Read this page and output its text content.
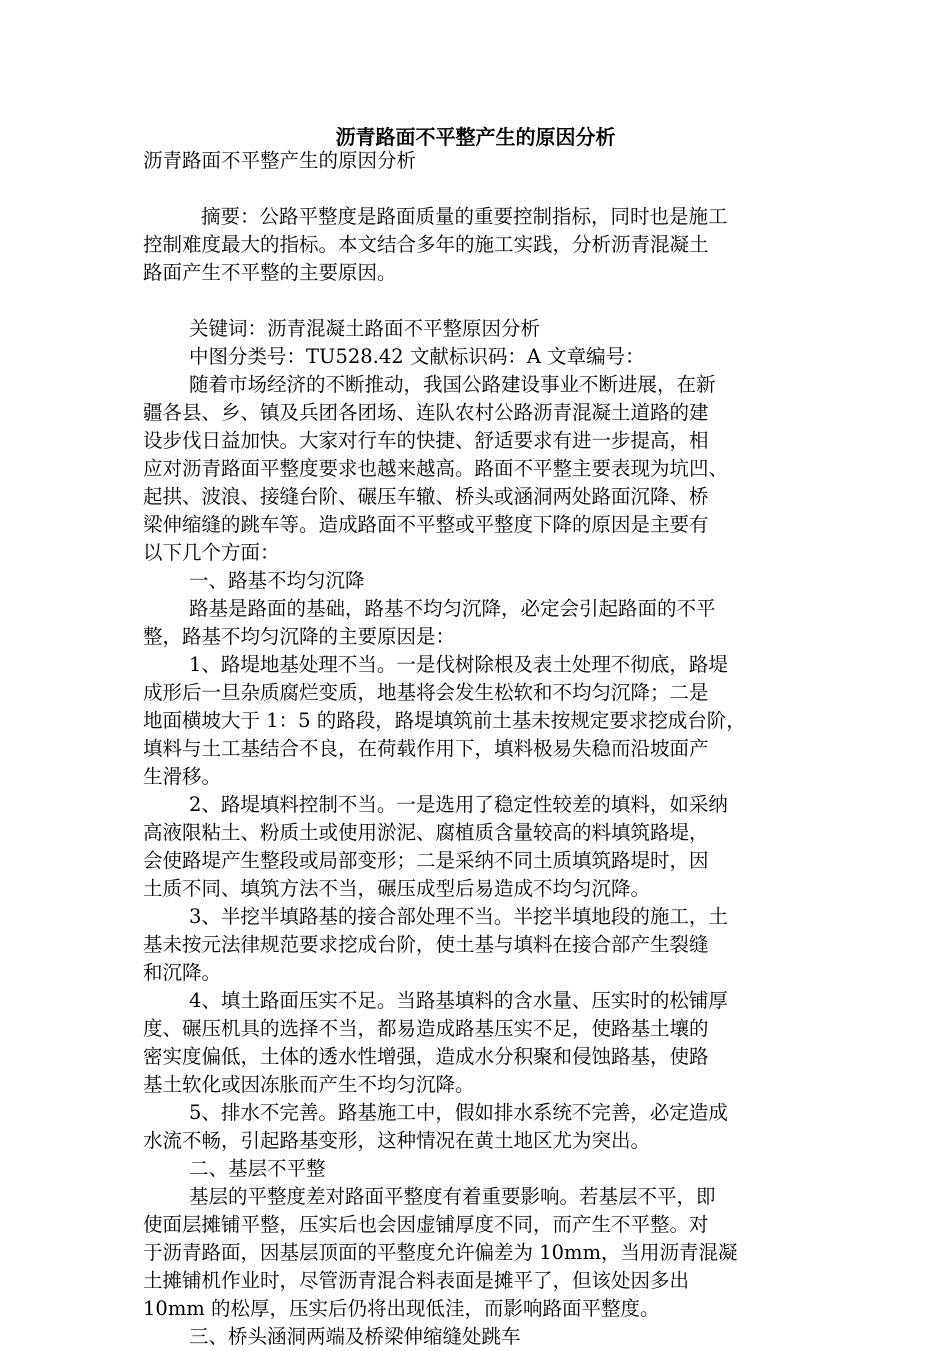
沥青路面不平整产生的原因分析
沥青路面不平整产生的原因分析
摘要：公路平整度是路面质量的重要控制指标，同时也是施工
控制难度最大的指标。本文结合多年的施工实践，分析沥青混凝土
路面产生不平整的主要原因。
关键词：沥青混凝土路面不平整原因分析
中图分类号：TU528.42 文献标识码：A 文章编号：
随着市场经济的不断推动，我国公路建设事业不断进展，在新
疆各县、乡、镇及兵团各团场、连队农村公路沥青混凝土道路的建
设步伐日益加快。大家对行车的快捷、舒适要求有进一步提高，相
应对沥青路面平整度要求也越来越高。路面不平整主要表现为坑凹、
起拱、波浪、接缝台阶、碾压车辙、桥头或涵洞两处路面沉降、桥
梁伸缩缝的跳车等。造成路面不平整或平整度下降的原因是主要有
以下几个方面：
一、路基不均匀沉降
路基是路面的基础，路基不均匀沉降，必定会引起路面的不平
整，路基不均匀沉降的主要原因是：
1、路堤地基处理不当。一是伐树除根及表土处理不彻底，路堤
成形后一旦杂质腐烂变质，地基将会发生松软和不均匀沉降；二是
地面横坡大于 1：5 的路段，路堤填筑前土基未按规定要求挖成台阶，
填料与土工基结合不良，在荷载作用下，填料极易失稳而沿坡面产
生滑移。
2、路堤填料控制不当。一是选用了稳定性较差的填料，如采纳
高液限粘土、粉质土或使用淤泥、腐植质含量较高的料填筑路堤，
会使路堤产生整段或局部变形；二是采纳不同土质填筑路堤时，因
土质不同、填筑方法不当，碾压成型后易造成不均匀沉降。
3、半挖半填路基的接合部处理不当。半挖半填地段的施工，土
基未按元法律规范要求挖成台阶，使土基与填料在接合部产生裂缝
和沉降。
4、填土路面压实不足。当路基填料的含水量、压实时的松铺厚
度、碾压机具的选择不当，都易造成路基压实不足，使路基土壤的
密实度偏低，土体的透水性增强，造成水分积聚和侵蚀路基，使路
基土软化或因冻胀而产生不均匀沉降。
5、排水不完善。路基施工中，假如排水系统不完善，必定造成
水流不畅，引起路基变形，这种情况在黄土地区尤为突出。
二、基层不平整
基层的平整度差对路面平整度有着重要影响。若基层不平，即
使面层摊铺平整，压实后也会因虚铺厚度不同，而产生不平整。对
于沥青路面，因基层顶面的平整度允许偏差为 10mm，当用沥青混凝
土摊铺机作业时，尽管沥青混合料表面是摊平了，但该处因多出
10mm 的松厚，压实后仍将出现低洼，而影响路面平整度。
三、桥头涵洞两端及桥梁伸缩缝处跳车
